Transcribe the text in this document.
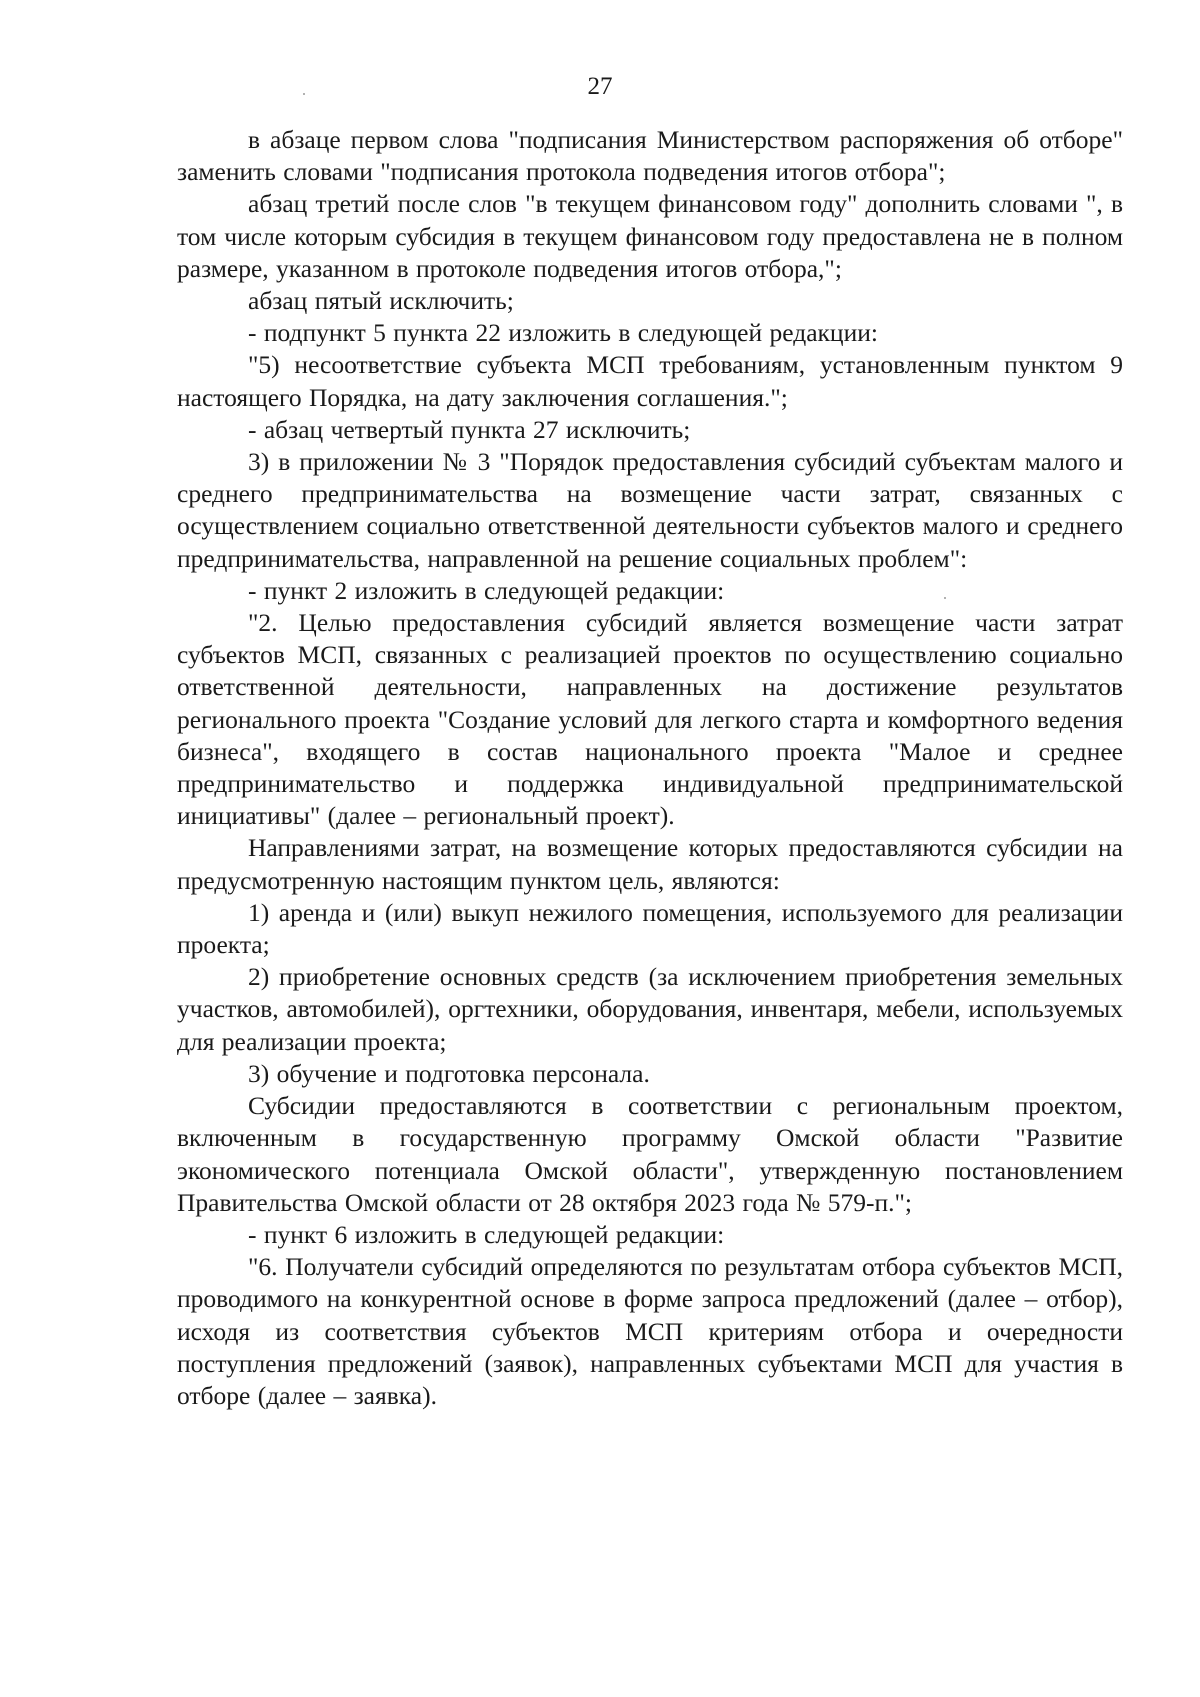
27

в абзаце первом слова "подписания Министерством распоряжения об отборе" заменить словами "подписания протокола подведения итогов отбора";

абзац третий после слов "в текущем финансовом году" дополнить словами ", в том числе которым субсидия в текущем финансовом году предоставлена не в полном размере, указанном в протоколе подведения итогов отбора,";

абзац пятый исключить;

- подпункт 5 пункта 22 изложить в следующей редакции:

"5) несоответствие субъекта МСП требованиям, установленным пунктом 9 настоящего Порядка, на дату заключения соглашения.";

- абзац четвертый пункта 27 исключить;

3) в приложении № 3 "Порядок предоставления субсидий субъектам малого и среднего предпринимательства на возмещение части затрат, связанных с осуществлением социально ответственной деятельности субъектов малого и среднего предпринимательства, направленной на решение социальных проблем":

- пункт 2 изложить в следующей редакции:

"2. Целью предоставления субсидий является возмещение части затрат субъектов МСП, связанных с реализацией проектов по осуществлению социально ответственной деятельности, направленных на достижение результатов регионального проекта "Создание условий для легкого старта и комфортного ведения бизнеса", входящего в состав национального проекта "Малое и среднее предпринимательство и поддержка индивидуальной предпринимательской инициативы" (далее – региональный проект).

Направлениями затрат, на возмещение которых предоставляются субсидии на предусмотренную настоящим пунктом цель, являются:

1) аренда и (или) выкуп нежилого помещения, используемого для реализации проекта;

2) приобретение основных средств (за исключением приобретения земельных участков, автомобилей), оргтехники, оборудования, инвентаря, мебели, используемых для реализации проекта;

3) обучение и подготовка персонала.

Субсидии предоставляются в соответствии с региональным проектом, включенным в государственную программу Омской области "Развитие экономического потенциала Омской области", утвержденную постановлением Правительства Омской области от 28 октября 2023 года № 579-п.";

- пункт 6 изложить в следующей редакции:

"6. Получатели субсидий определяются по результатам отбора субъектов МСП, проводимого на конкурентной основе в форме запроса предложений (далее – отбор), исходя из соответствия субъектов МСП критериям отбора и очередности поступления предложений (заявок), направленных субъектами МСП для участия в отборе (далее – заявка).
